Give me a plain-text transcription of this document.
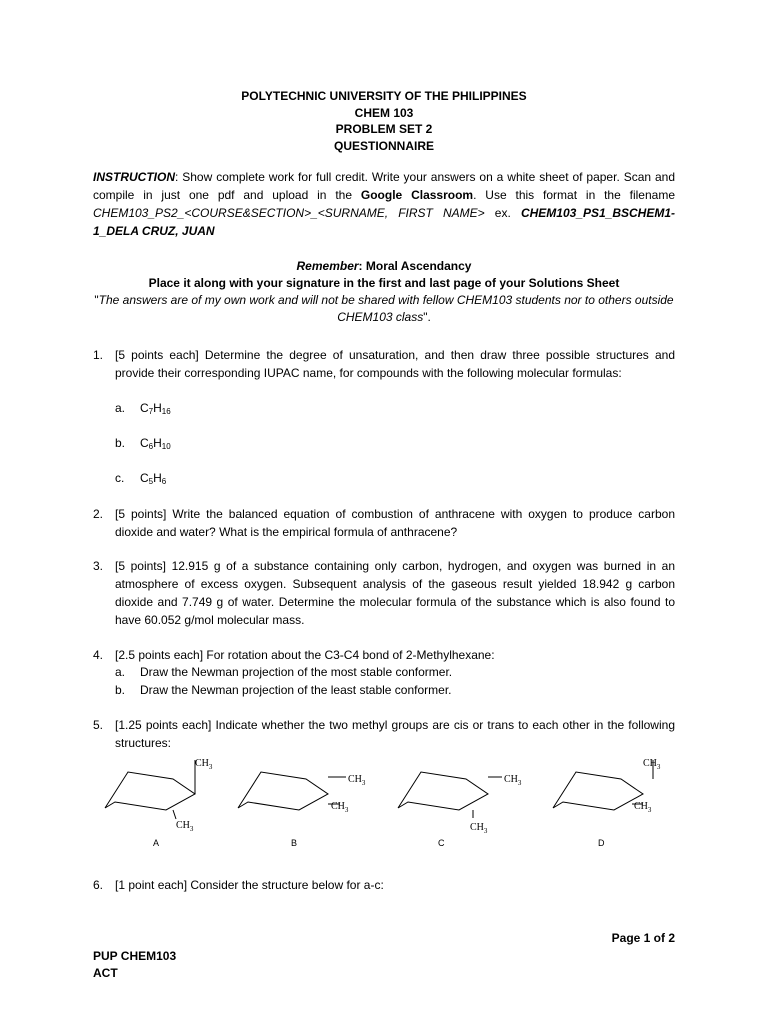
POLYTECHNIC UNIVERSITY OF THE PHILIPPINES
CHEM 103
PROBLEM SET 2
QUESTIONNAIRE
INSTRUCTION: Show complete work for full credit. Write your answers on a white sheet of paper. Scan and compile in just one pdf and upload in the Google Classroom. Use this format in the filename CHEM103_PS2_<COURSE&SECTION>_<SURNAME, FIRST NAME> ex. CHEM103_PS1_BSCHEM1-1_DELA CRUZ, JUAN
Remember: Moral Ascendancy
Place it along with your signature in the first and last page of your Solutions Sheet
"The answers are of my own work and will not be shared with fellow CHEM103 students nor to others outside CHEM103 class".
1. [5 points each] Determine the degree of unsaturation, and then draw three possible structures and provide their corresponding IUPAC name, for compounds with the following molecular formulas:
a. $C_7H_{16}$
b. $C_6H_{10}$
c. $C_5H_6$
2. [5 points] Write the balanced equation of combustion of anthracene with oxygen to produce carbon dioxide and water? What is the empirical formula of anthracene?
3. [5 points] 12.915 g of a substance containing only carbon, hydrogen, and oxygen was burned in an atmosphere of excess oxygen. Subsequent analysis of the gaseous result yielded 18.942 g carbon dioxide and 7.749 g of water. Determine the molecular formula of the substance which is also found to have 60.052 g/mol molecular mass.
4. [2.5 points each] For rotation about the C3-C4 bond of 2-Methylhexane:
a. Draw the Newman projection of the most stable conformer.
b. Draw the Newman projection of the least stable conformer.
5. [1.25 points each] Indicate whether the two methyl groups are cis or trans to each other in the following structures:
$CH_3$
$CH_3$
A
$CH_3$
$CH_3$
B
$CH_3$
$CH_3$
C
$CH_3$
$CH_3$
D
6. [1 point each] Consider the structure below for a-c:
Page 1 of 2
PUP CHEM103
ACT
